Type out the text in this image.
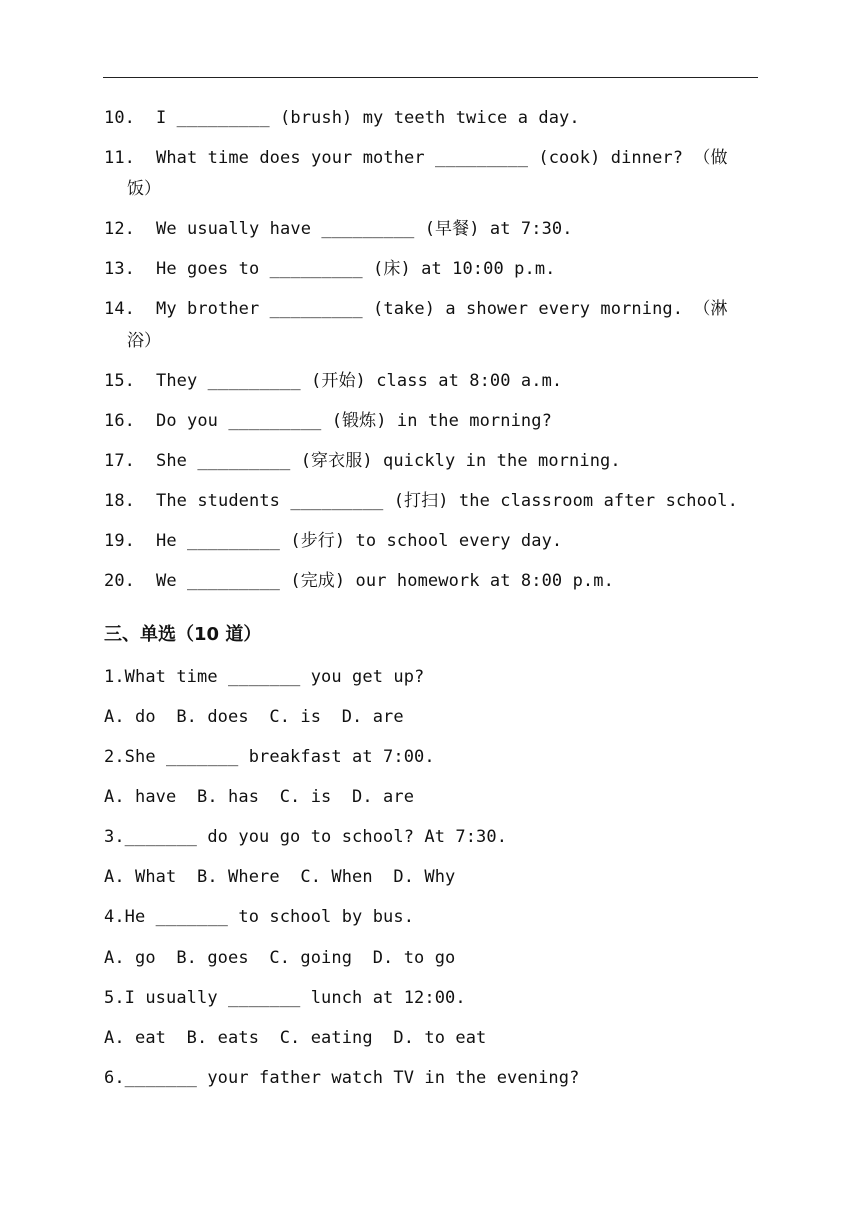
10. I _________ (brush) my teeth twice a day.
11. What time does your mother _________ (cook) dinner? （做
饭）
12. We usually have _________ (早餐) at 7:30.
13. He goes to _________ (床) at 10:00 p.m.
14. My brother _________ (take) a shower every morning. （淋
浴）
15. They _________ (开始) class at 8:00 a.m.
16. Do you _________ (锻炼) in the morning?
17. She _________ (穿衣服) quickly in the morning.
18. The students _________ (打扫) the classroom after school.
19. He _________ (步行) to school every day.
20. We _________ (完成) our homework at 8:00 p.m.
三、单选（10 道）
1.What time _______ you get up?
A. do  B. does  C. is  D. are
2.She _______ breakfast at 7:00.
A. have  B. has  C. is  D. are
3._______ do you go to school? At 7:30.
A. What  B. Where  C. When  D. Why
4.He _______ to school by bus.
A. go  B. goes  C. going  D. to go
5.I usually _______ lunch at 12:00.
A. eat  B. eats  C. eating  D. to eat
6._______ your father watch TV in the evening?
